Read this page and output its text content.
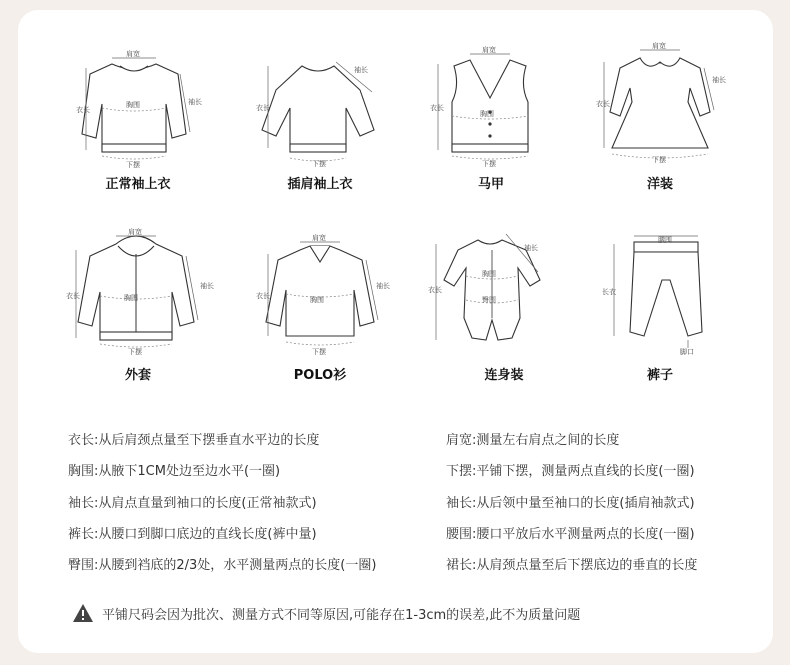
肩宽
衣长
袖长
胸围
下摆
正常袖上衣
袖长
衣长
下摆
插肩袖上衣
肩宽
衣长
胸围
下摆
马甲
肩宽
衣长
袖长
下摆
洋装
肩宽
衣长
袖长
胸围
下摆
外套
肩宽
衣长
袖长
胸围
下摆
POLO衫
袖长
衣长
胸围
臀围
连身装
腰围
长衣
脚口
裤子
衣长:从后肩颈点量至下摆垂直水平边的长度
胸围:从腋下1CM处边至边水平(一圈)
袖长:从肩点直量到袖口的长度(正常袖款式)
裤长:从腰口到脚口底边的直线长度(裤中量)
臀围:从腰到裆底的2/3处，水平测量两点的长度(一圈)
肩宽:测量左右肩点之间的长度
下摆:平铺下摆，测量两点直线的长度(一圈)
袖长:从后领中量至袖口的长度(插肩袖款式)
腰围:腰口平放后水平测量两点的长度(一圈)
裙长:从肩颈点量至后下摆底边的垂直的长度
平铺尺码会因为批次、测量方式不同等原因,可能存在1-3cm的误差,此不为质量问题
